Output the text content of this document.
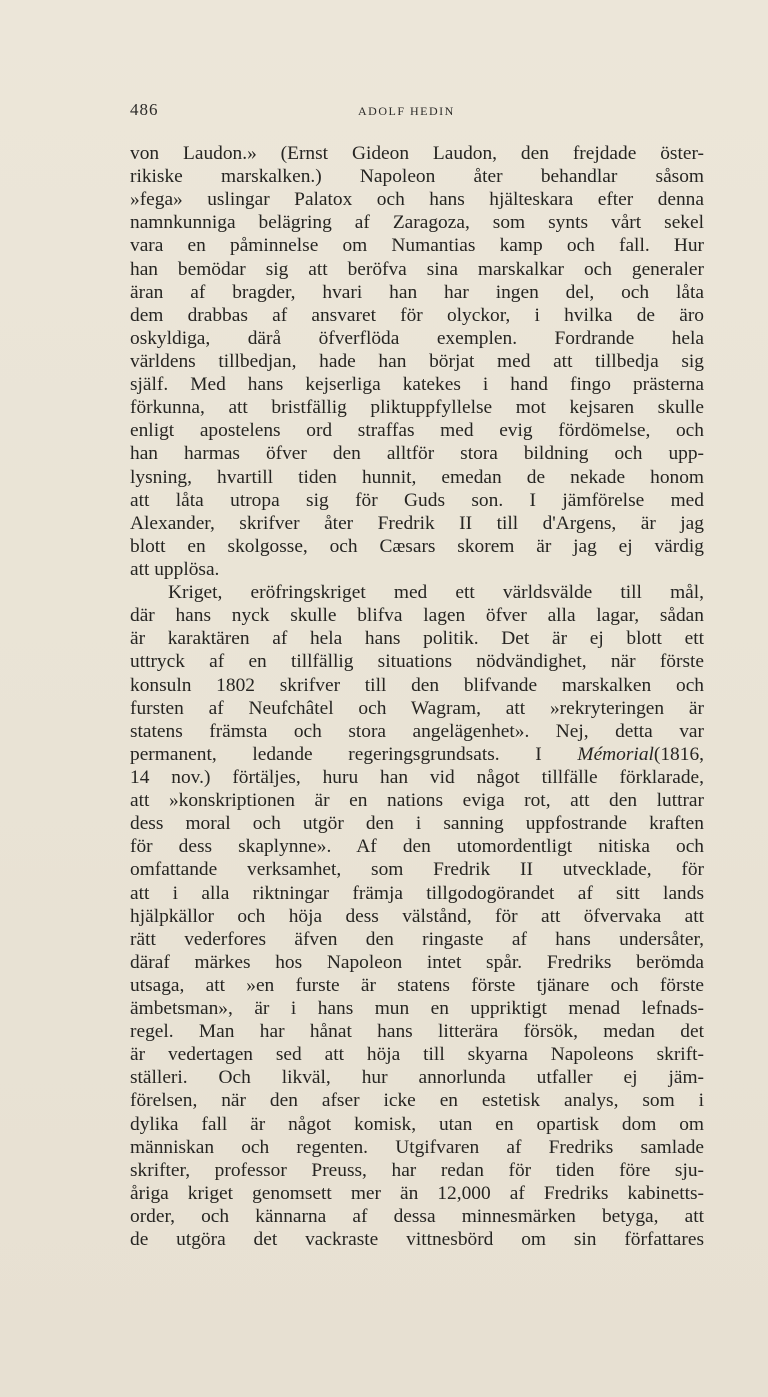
486	ADOLF HEDIN
von Laudon.» (Ernst Gideon Laudon, den frejdade öster-
rikiske marskalken.) Napoleon åter behandlar såsom
»fega» uslingar Palatox och hans hjälteskara efter denna
namnkunniga belägring af Zaragoza, som synts vårt sekel
vara en påminnelse om Numantias kamp och fall. Hur
han bemödar sig att beröfva sina marskalkar och generaler
äran af bragder, hvari han har ingen del, och låta
dem drabbas af ansvaret för olyckor, i hvilka de äro
oskyldiga, därå öfverflöda exemplen. Fordrande hela
världens tillbedjan, hade han börjat med att tillbedja sig
själf. Med hans kejserliga katekes i hand fingo prästerna
förkunna, att bristfällig pliktuppfyllelse mot kejsaren skulle
enligt apostelens ord straffas med evig fördömelse, och
han harmas öfver den alltför stora bildning och upp-
lysning, hvartill tiden hunnit, emedan de nekade honom
att låta utropa sig för Guds son. I jämförelse med
Alexander, skrifver åter Fredrik II till d'Argens, är jag
blott en skolgosse, och Cæsars skorem är jag ej värdig
att upplösa.
Kriget, eröfringskriget med ett världsvälde till mål,
där hans nyck skulle blifva lagen öfver alla lagar, sådan
är karaktären af hela hans politik. Det är ej blott ett
uttryck af en tillfällig situations nödvändighet, när förste
konsuln 1802 skrifver till den blifvande marskalken och
fursten af Neufchâtel och Wagram, att »rekryteringen är
statens främsta och stora angelägenhet». Nej, detta var
permanent, ledande regeringsgrundsats. I Mémorial(1816,
14 nov.) förtäljes, huru han vid något tillfälle förklarade,
att »konskriptionen är en nations eviga rot, att den luttrar
dess moral och utgör den i sanning uppfostrande kraften
för dess skaplynne». Af den utomordentligt nitiska och
omfattande verksamhet, som Fredrik II utvecklade, för
att i alla riktningar främja tillgodogörandet af sitt lands
hjälpkällor och höja dess välstånd, för att öfvervaka att
rätt vederfores äfven den ringaste af hans undersåter,
däraf märkes hos Napoleon intet spår. Fredriks berömda
utsaga, att »en furste är statens förste tjänare och förste
ämbetsman», är i hans mun en uppriktigt menad lefnads-
regel. Man har hånat hans litterära försök, medan det
är vedertagen sed att höja till skyarna Napoleons skrift-
ställeri. Och likväl, hur annorlunda utfaller ej jäm-
förelsen, när den afser icke en estetisk analys, som i
dylika fall är något komisk, utan en opartisk dom om
människan och regenten. Utgifvaren af Fredriks samlade
skrifter, professor Preuss, har redan för tiden före sju-
åriga kriget genomsett mer än 12,000 af Fredriks kabinetts-
order, och kännarna af dessa minnesmärken betyga, att
de utgöra det vackraste vittnesbörd om sin författares
